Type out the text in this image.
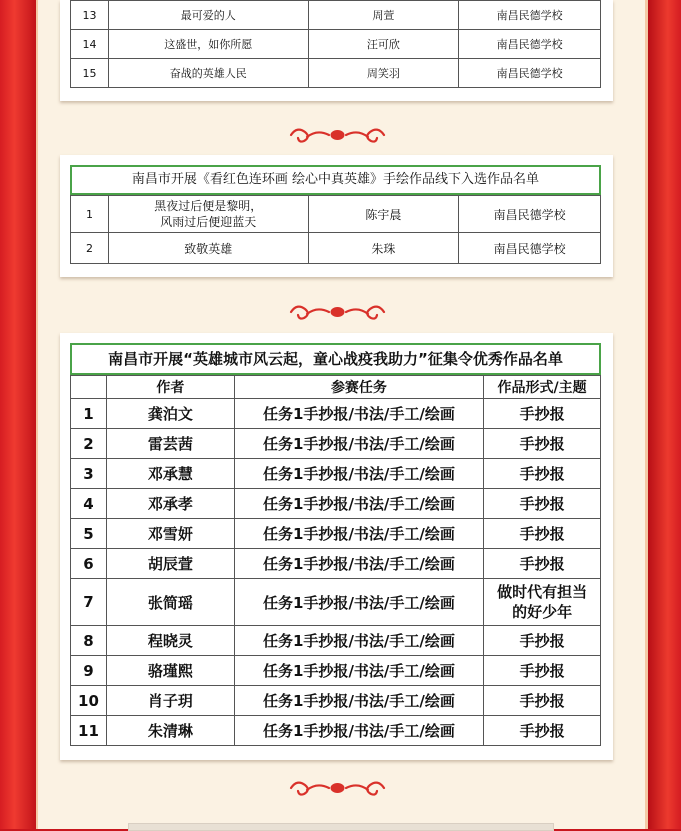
13	最可爱的人	周萱	南昌民德学校
14	这盛世，如你所愿	汪可欣	南昌民德学校
15	奋战的英雄人民	周笑羽	南昌民德学校
南昌市开展《看红色连环画 绘心中真英雄》手绘作品线下入选作品名单
1	黑夜过后便是黎明，
风雨过后便迎蓝天	陈宇晨	南昌民德学校
2	致敬英雄	朱珠	南昌民德学校
南昌市开展“英雄城市风云起，童心战疫我助力”征集令优秀作品名单
	作者	参赛任务	作品形式/主题
1	龚泊文	任务1手抄报/书法/手工/绘画	手抄报
2	雷芸茜	任务1手抄报/书法/手工/绘画	手抄报
3	邓承慧	任务1手抄报/书法/手工/绘画	手抄报
4	邓承孝	任务1手抄报/书法/手工/绘画	手抄报
5	邓雪妍	任务1手抄报/书法/手工/绘画	手抄报
6	胡辰萱	任务1手抄报/书法/手工/绘画	手抄报
7	张简瑶	任务1手抄报/书法/手工/绘画	做时代有担当
的好少年

8	程晓灵	任务1手抄报/书法/手工/绘画	手抄报
9	骆瑾熙	任务1手抄报/书法/手工/绘画	手抄报
10	肖子玥	任务1手抄报/书法/手工/绘画	手抄报
11	朱清琳	任务1手抄报/书法/手工/绘画	手抄报
